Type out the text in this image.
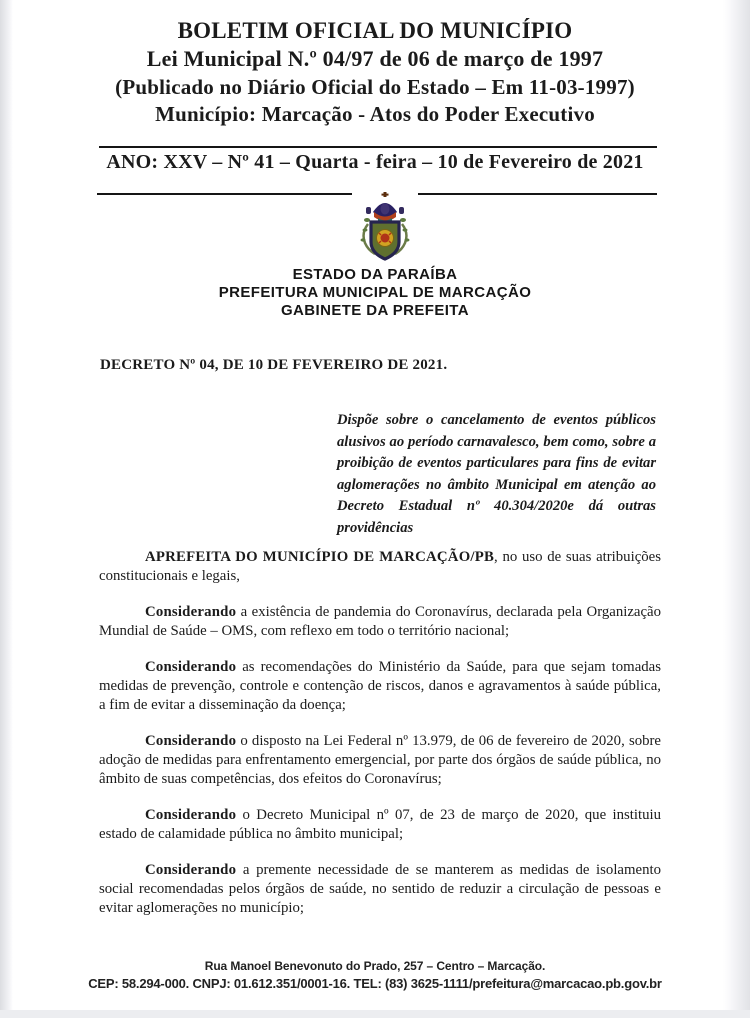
BOLETIM OFICIAL DO MUNICÍPIO
Lei Municipal N.º 04/97 de 06 de março de 1997
(Publicado no Diário Oficial do Estado – Em 11-03-1997)
Município: Marcação - Atos do Poder Executivo
ANO: XXV – Nº 41 – Quarta - feira – 10 de Fevereiro de 2021
ESTADO DA PARAÍBA
PREFEITURA MUNICIPAL DE MARCAÇÃO
GABINETE DA PREFEITA
DECRETO Nº 04, DE 10 DE FEVEREIRO DE 2021.
Dispõe sobre o cancelamento de eventos públicos alusivos ao período carnavalesco, bem como, sobre a proibição de eventos particulares para fins de evitar aglomerações no âmbito Municipal em atenção ao Decreto Estadual nº 40.304/2020e dá outras providências

APREFEITA DO MUNICÍPIO DE MARCAÇÃO/PB, no uso de suas atribuições constitucionais e legais,

Considerando a existência de pandemia do Coronavírus, declarada pela Organização Mundial de Saúde – OMS, com reflexo em todo o território nacional;

Considerando as recomendações do Ministério da Saúde, para que sejam tomadas medidas de prevenção, controle e contenção de riscos, danos e agravamentos à saúde pública, a fim de evitar a disseminação da doença;

Considerando o disposto na Lei Federal nº 13.979, de 06 de fevereiro de 2020, sobre adoção de medidas para enfrentamento emergencial, por parte dos órgãos de saúde pública, no âmbito de suas competências, dos efeitos do Coronavírus;

Considerando o Decreto Municipal nº 07, de 23 de março de 2020, que instituiu estado de calamidade pública no âmbito municipal;

Considerando a premente necessidade de se manterem as medidas de isolamento social recomendadas pelos órgãos de saúde, no sentido de reduzir a circulação de pessoas e evitar aglomerações no município;

Rua Manoel Benevonuto do Prado, 257 – Centro – Marcação.
CEP: 58.294-000. CNPJ: 01.612.351/0001-16. TEL: (83) 3625-1111/prefeitura@marcacao.pb.gov.br
